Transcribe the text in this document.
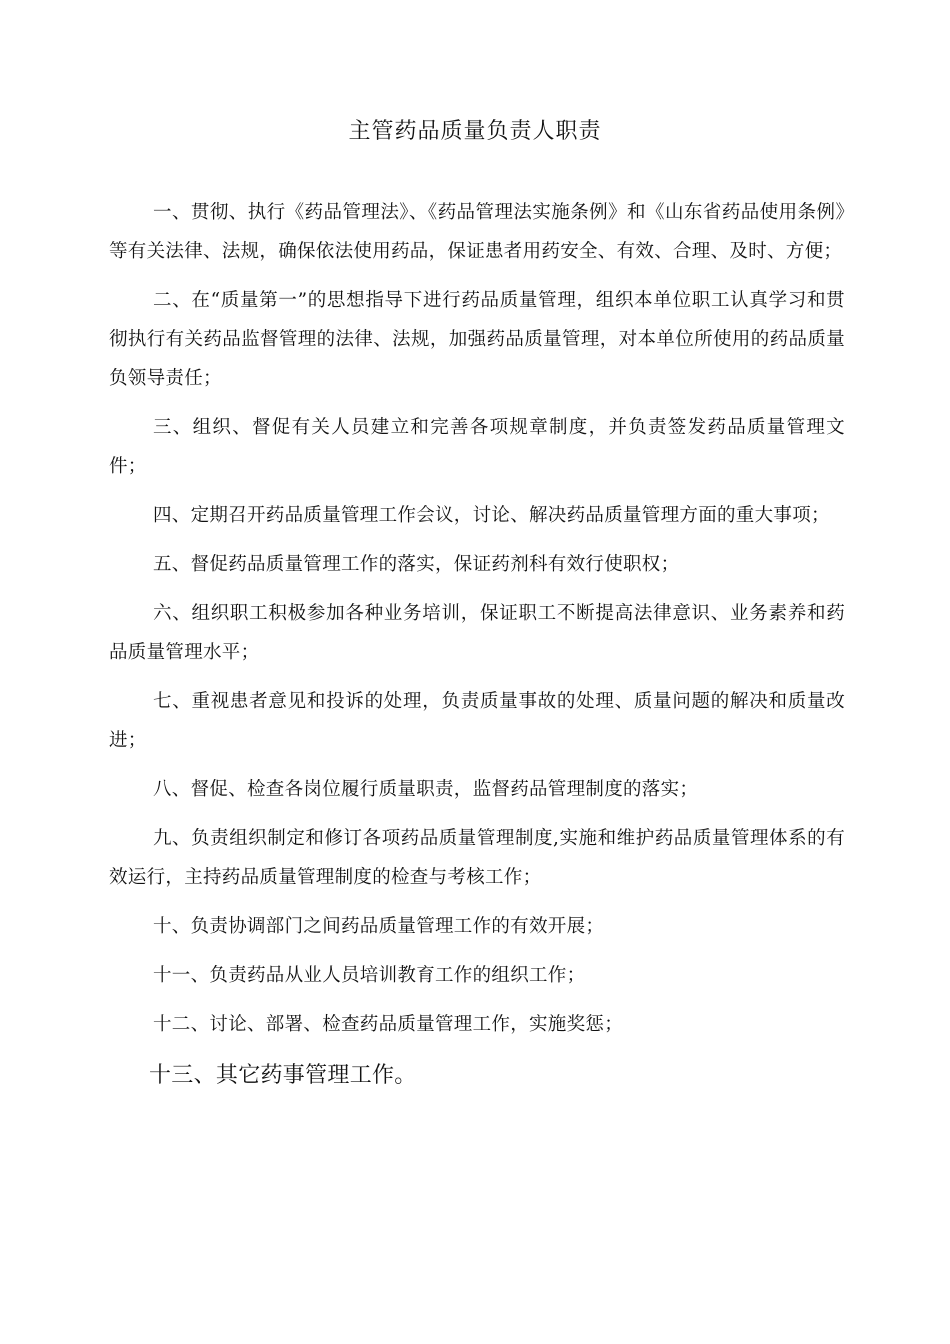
主管药品质量负责人职责

一、贯彻、执行《药品管理法》、《药品管理法实施条例》和《山东省药品使用条例》等有关法律、法规，确保依法使用药品，保证患者用药安全、有效、合理、及时、方便；

二、在“质量第一”的思想指导下进行药品质量管理，组织本单位职工认真学习和贯彻执行有关药品监督管理的法律、法规，加强药品质量管理，对本单位所使用的药品质量负领导责任；

三、组织、督促有关人员建立和完善各项规章制度，并负责签发药品质量管理文件；

四、定期召开药品质量管理工作会议，讨论、解决药品质量管理方面的重大事项；

五、督促药品质量管理工作的落实，保证药剂科有效行使职权；

六、组织职工积极参加各种业务培训，保证职工不断提高法律意识、业务素养和药品质量管理水平；

七、重视患者意见和投诉的处理，负责质量事故的处理、质量问题的解决和质量改进；

八、督促、检查各岗位履行质量职责，监督药品管理制度的落实；

九、负责组织制定和修订各项药品质量管理制度,实施和维护药品质量管理体系的有效运行，主持药品质量管理制度的检查与考核工作；

十、负责协调部门之间药品质量管理工作的有效开展；

十一、负责药品从业人员培训教育工作的组织工作；

十二、讨论、部署、检查药品质量管理工作，实施奖惩；

十三、其它药事管理工作。
